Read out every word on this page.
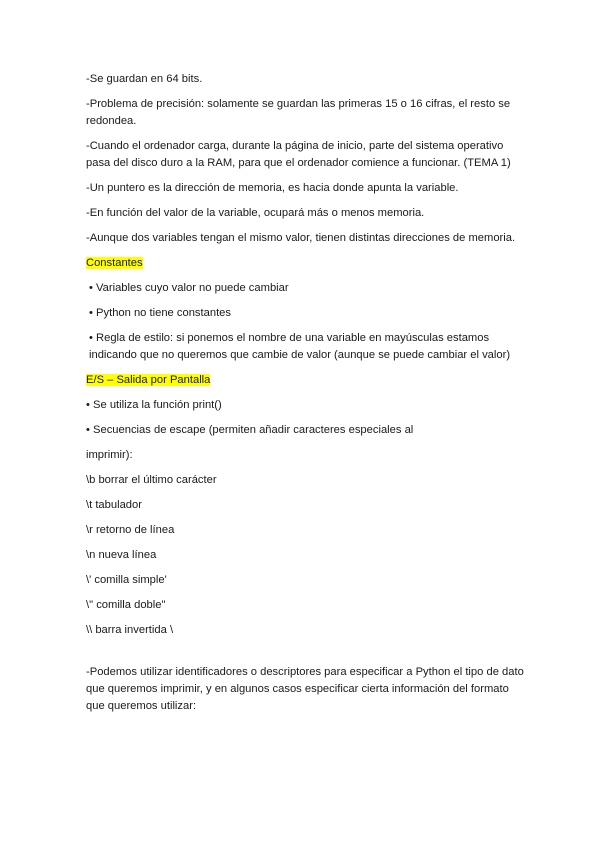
-Se guardan en 64 bits.

-Problema de precisión: solamente se guardan las primeras 15 o 16 cifras, el resto se redondea.

-Cuando el ordenador carga, durante la página de inicio, parte del sistema operativo pasa del disco duro a la RAM, para que el ordenador comience a funcionar. (TEMA 1)

-Un puntero es la dirección de memoria, es hacia donde apunta la variable.

-En función del valor de la variable, ocupará más o menos memoria.

-Aunque dos variables tengan el mismo valor, tienen distintas direcciones de memoria.

Constantes

• Variables cuyo valor no puede cambiar

• Python no tiene constantes

• Regla de estilo: si ponemos el nombre de una variable en mayúsculas estamos indicando que no queremos que cambie de valor (aunque se puede cambiar el valor)

E/S – Salida por Pantalla

• Se utiliza la función print()

• Secuencias de escape (permiten añadir caracteres especiales al

imprimir):

\b borrar el último carácter

\t tabulador

\r retorno de línea

\n nueva línea

\' comilla simple'

\" comilla doble"

\\ barra invertida \

-Podemos utilizar identificadores o descriptores para especificar a Python el tipo de dato que queremos imprimir, y en algunos casos especificar cierta información del formato que queremos utilizar:
